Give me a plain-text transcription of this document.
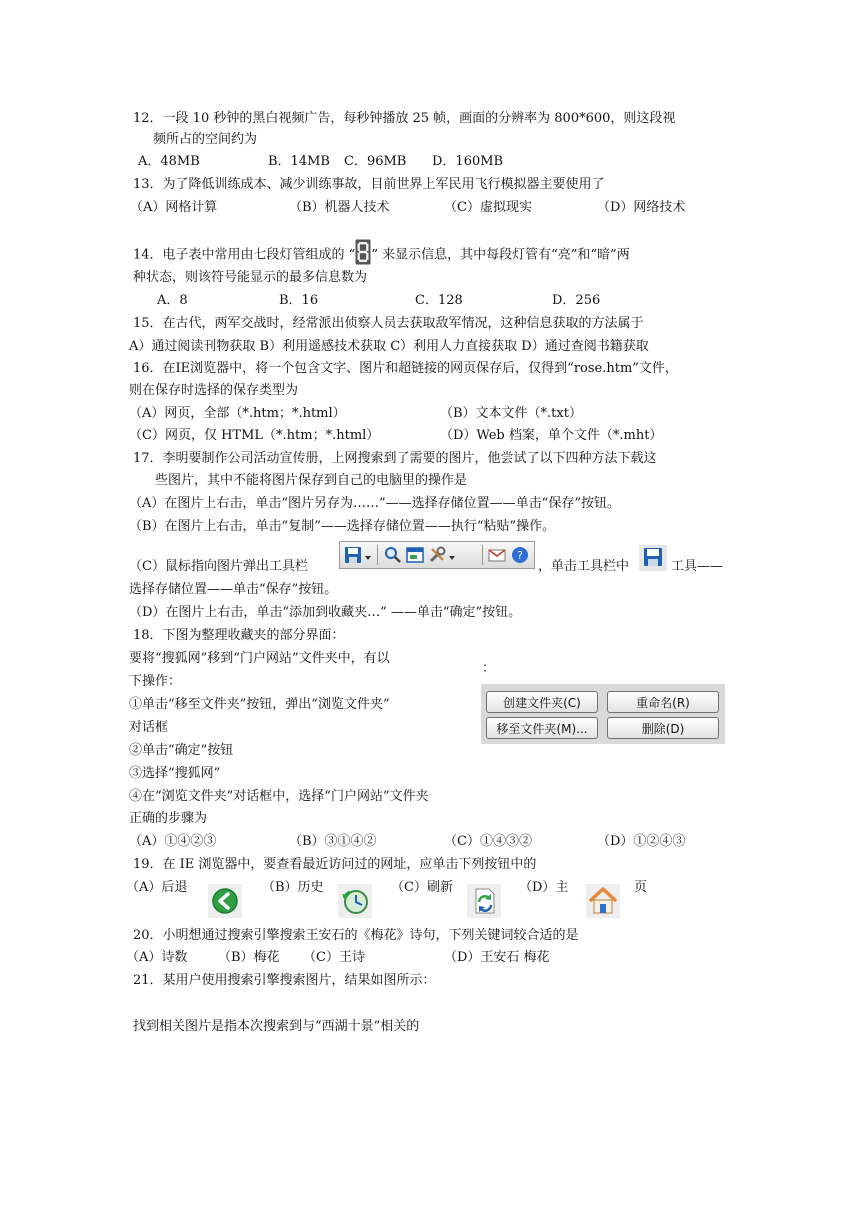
12．一段 10 秒钟的黑白视频广告，每秒钟播放 25 帧，画面的分辨率为 800*600，则这段视
频所占的空间约为
A．48MB	B．14MB C．96MB D．160MB
13．为了降低训练成本、减少训练事故，目前世界上军民用飞行模拟器主要使用了
（A）网格计算	（B）机器人技术	（C）虚拟现实	（D）网络技术
14．电子表中常用由七段灯管组成的 “ ” 来显示信息，其中每段灯管有“亮”和“暗”两
种状态，则该符号能显示的最多信息数为
A．8	B．16	C．128	D．256
15．在古代，两军交战时，经常派出侦察人员去获取敌军情况，这种信息获取的方法属于
A）通过阅读刊物获取 B）利用遥感技术获取 C）利用人力直接获取 D）通过查阅书籍获取
16．在IE浏览器中，将一个包含文字、图片和超链接的网页保存后，仅得到“rose.htm”文件，
则在保存时选择的保存类型为
（A）网页，全部（*.htm；*.html）	（B）文本文件（*.txt）
（C）网页，仅 HTML（*.htm；*.html）	（D）Web 档案，单个文件（*.mht）
17．李明要制作公司活动宣传册，上网搜索到了需要的图片，他尝试了以下四种方法下载这
些图片，其中不能将图片保存到自己的电脑里的操作是
（A）在图片上右击，单击“图片另存为……”——选择存储位置——单击“保存”按钮。
（B）在图片上右击，单击“复制”——选择存储位置——执行“粘贴”操作。
（C）鼠标指向图片弹出工具栏
?
，单击工具栏中	工具——
选择存储位置——单击“保存”按钮。
（D）在图片上右击，单击“添加到收藏夹…” ——单击“确定”按钮。
18．下图为整理收藏夹的部分界面：
要将“搜狐网”移到“门户网站”文件夹中，有以
：
下操作：
①单击“移至文件夹”按钮，弹出“浏览文件夹”
对话框
②单击“确定”按钮
③选择“搜狐网”
④在“浏览文件夹”对话框中，选择“门户网站”文件夹
正确的步骤为
（A）①④②③	（B）③①④②	（C）①④③②	（D）①②④③
创建文件夹(C)	重命名(R)
移至文件夹(M)...	删除(D)
19．在 IE 浏览器中，要查看最近访问过的网址，应单击下列按钮中的
（A）后退	（B）历史	（C）刷新	（D）主	页
20．小明想通过搜索引擎搜索王安石的《梅花》诗句，下列关键词较合适的是
（A）诗数 （B）梅花 （C）王诗	（D）王安石 梅花
21．某用户使用搜索引擎搜索图片，结果如图所示：
找到相关图片是指本次搜索到与“西湖十景”相关的
